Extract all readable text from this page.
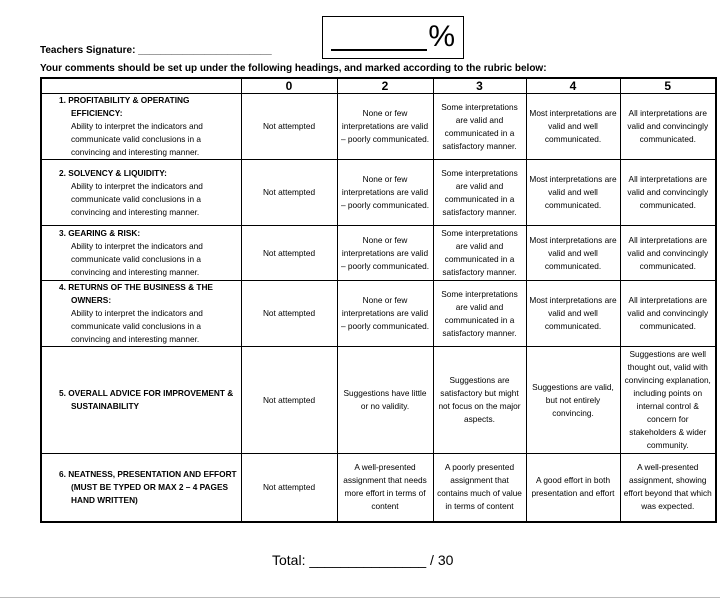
Teachers Signature: ________________________	%
Your comments should be set up under the following headings, and marked according to the rubric below:
	0	2	3	4	5

1. PROFITABILITY & OPERATING EFFICIENCY:
Ability to interpret the indicators and communicate valid conclusions in a convincing and interesting manner.	Not attempted	None or few interpretations are valid – poorly communicated.	Some interpretations are valid and communicated in a satisfactory manner.	Most interpretations are valid and well communicated.	All interpretations are valid and convincingly communicated.

2. SOLVENCY & LIQUIDITY:
Ability to interpret the indicators and communicate valid conclusions in a convincing and interesting manner.	Not attempted	None or few interpretations are valid – poorly communicated.	Some interpretations are valid and communicated in a satisfactory manner.	Most interpretations are valid and well communicated.	All interpretations are valid and convincingly communicated.

3. GEARING & RISK:
Ability to interpret the indicators and communicate valid conclusions in a convincing and interesting manner.	Not attempted	None or few interpretations are valid – poorly communicated.	Some interpretations are valid and communicated in a satisfactory manner.	Most interpretations are valid and well communicated.	All interpretations are valid and convincingly communicated.

4. RETURNS OF THE BUSINESS & THE OWNERS:
Ability to interpret the indicators and communicate valid conclusions in a convincing and interesting manner.	Not attempted	None or few interpretations are valid – poorly communicated.	Some interpretations are valid and communicated in a satisfactory manner.	Most interpretations are valid and well communicated.	All interpretations are valid and convincingly communicated.

5. OVERALL ADVICE FOR IMPROVEMENT & SUSTAINABILITY	Not attempted	Suggestions have little or no validity.	Suggestions are satisfactory but might not focus on the major aspects.	Suggestions are valid, but not entirely convincing.	Suggestions are well thought out, valid with convincing explanation, including points on internal control & concern for stakeholders & wider community.

6. NEATNESS, PRESENTATION AND EFFORT
(MUST BE TYPED OR MAX 2 – 4 PAGES HAND WRITTEN)	Not attempted	A well-presented assignment that needs more effort in terms of content	A poorly presented assignment that contains much of value in terms of content	A good effort in both presentation and effort	A well-presented assignment, showing effort beyond that which was expected.
Total: _______________ / 30
